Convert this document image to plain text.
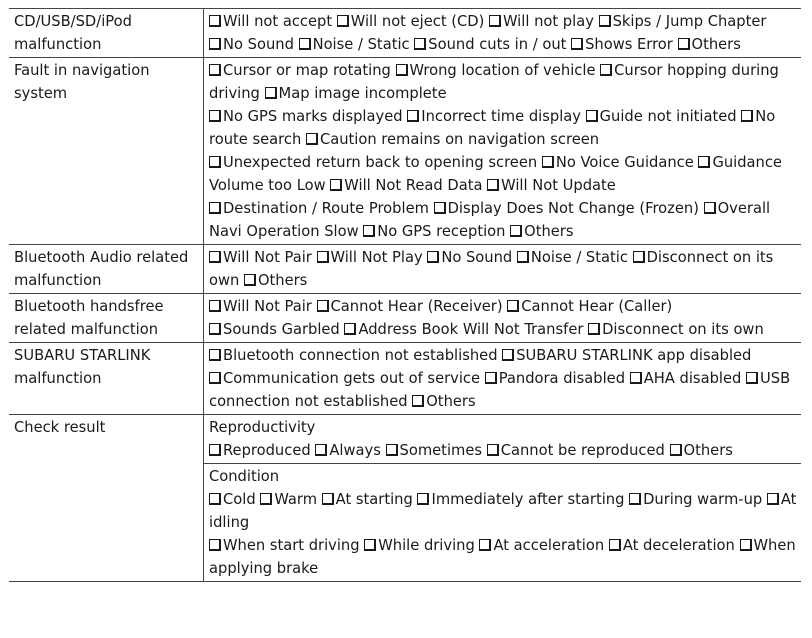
CD/USB/SD/iPod malfunction	Will not accept Will not eject (CD) Will not play Skips / Jump Chapter
No Sound Noise / Static Sound cuts in / out Shows Error Others

Fault in navigation system	Cursor or map rotating Wrong location of vehicle Cursor hopping during driving Map image incomplete
No GPS marks displayed Incorrect time display Guide not initiated No route search Caution remains on navigation screen
Unexpected return back to opening screen No Voice Guidance Guidance Volume too Low Will Not Read Data Will Not Update
Destination / Route Problem Display Does Not Change (Frozen) Overall Navi Operation Slow No GPS reception Others

Bluetooth Audio related malfunction	Will Not Pair Will Not Play No Sound Noise / Static Disconnect on its own Others

Bluetooth handsfree related malfunction	Will Not Pair Cannot Hear (Receiver) Cannot Hear (Caller)
Sounds Garbled Address Book Will Not Transfer Disconnect on its own

SUBARU STARLINK malfunction	Bluetooth connection not established SUBARU STARLINK app disabled
Communication gets out of service Pandora disabled AHA disabled USB connection not established Others

Check result	Reproductivity
Reproduced Always Sometimes Cannot be reproduced Others

	Condition
Cold Warm At starting Immediately after starting During warm-up At idling
When start driving While driving At acceleration At deceleration When applying brake
